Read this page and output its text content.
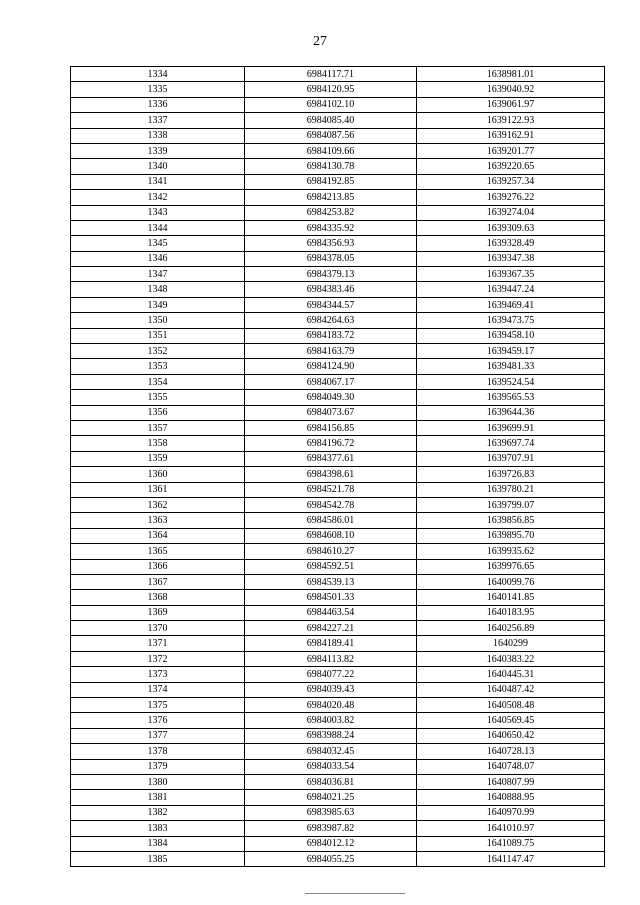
27
1334	6984117.71	1638981.01
1335	6984120.95	1639040.92
1336	6984102.10	1639061.97
1337	6984085.40	1639122.93
1338	6984087.56	1639162.91
1339	6984109.66	1639201.77
1340	6984130.78	1639220.65
1341	6984192.85	1639257.34
1342	6984213.85	1639276.22
1343	6984253.82	1639274.04
1344	6984335.92	1639309.63
1345	6984356.93	1639328.49
1346	6984378.05	1639347.38
1347	6984379.13	1639367.35
1348	6984383.46	1639447.24
1349	6984344.57	1639469.41
1350	6984264.63	1639473.75
1351	6984183.72	1639458.10
1352	6984163.79	1639459.17
1353	6984124.90	1639481.33
1354	6984067.17	1639524.54
1355	6984049.30	1639565.53
1356	6984073.67	1639644.36
1357	6984156.85	1639699.91
1358	6984196.72	1639697.74
1359	6984377.61	1639707.91
1360	6984398.61	1639726.83
1361	6984521.78	1639780.21
1362	6984542.78	1639799.07
1363	6984586.01	1639856.85
1364	6984608.10	1639895.70
1365	6984610.27	1639935.62
1366	6984592.51	1639976.65
1367	6984539.13	1640099.76
1368	6984501.33	1640141.85
1369	6984463.54	1640183.95
1370	6984227.21	1640256.89
1371	6984189.41	1640299
1372	6984113.82	1640383.22
1373	6984077.22	1640445.31
1374	6984039.43	1640487.42
1375	6984020.48	1640508.48
1376	6984003.82	1640569.45
1377	6983988.24	1640650.42
1378	6984032.45	1640728.13
1379	6984033.54	1640748.07
1380	6984036.81	1640807.99
1381	6984021.25	1640888.95
1382	6983985.63	1640970.99
1383	6983987.82	1641010.97
1384	6984012.12	1641089.75
1385	6984055.25	1641147.47
